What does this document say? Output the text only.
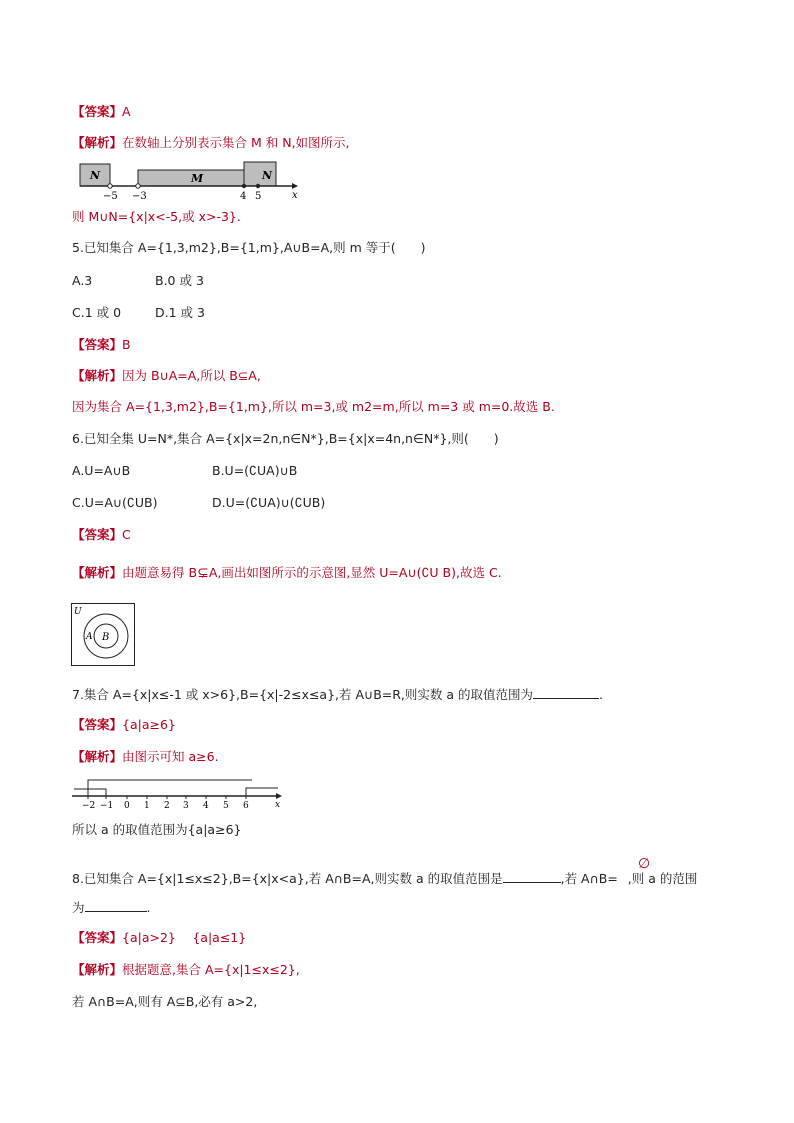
【答案】A
【解析】在数轴上分别表示集合 M 和 N,如图所示,
N	M	N
−5 −3	4 5	x
则 M∪N={x|x<-5,或 x>-3}.
5.已知集合 A={1,3,m2},B={1,m},A∪B=A,则 m 等于(　　)
A.3	B.0 或 3
C.1 或 0	D.1 或 3
【答案】B
【解析】因为 B∪A=A,所以 B⊆A,
因为集合 A={1,3,m2},B={1,m},所以 m=3,或 m2=m,所以 m=3 或 m=0.故选 B.
6.已知全集 U=N*,集合 A={x|x=2n,n∈N*},B={x|x=4n,n∈N*},则(　　)
A.U=A∪B	B.U=(∁UA)∪B
C.U=A∪(∁UB)	D.U=(∁UA)∪(∁UB)
【答案】C
【解析】由题意易得 B⊊A,画出如图所示的示意图,显然 U=A∪(∁U B),故选 C.
U
A B
7.集合 A={x|x≤-1 或 x>6},B={x|-2≤x≤a},若 A∪B=R,则实数 a 的取值范围为	.
【答案】{a|a≥6}
【解析】由图示可知 a≥6.
−2 −1 0 1 2 3 4 5 6	x
所以 a 的取值范围为{a|a≥6}
∅
8.已知集合 A={x|1≤x≤2},B={x|x<a},若 A∩B=A,则实数 a 的取值范围是	,若 A∩B= ,则 a 的范围
为	.
【答案】{a|a>2}　 {a|a≤1}
【解析】根据题意,集合 A={x|1≤x≤2},
若 A∩B=A,则有 A⊆B,必有 a>2,
